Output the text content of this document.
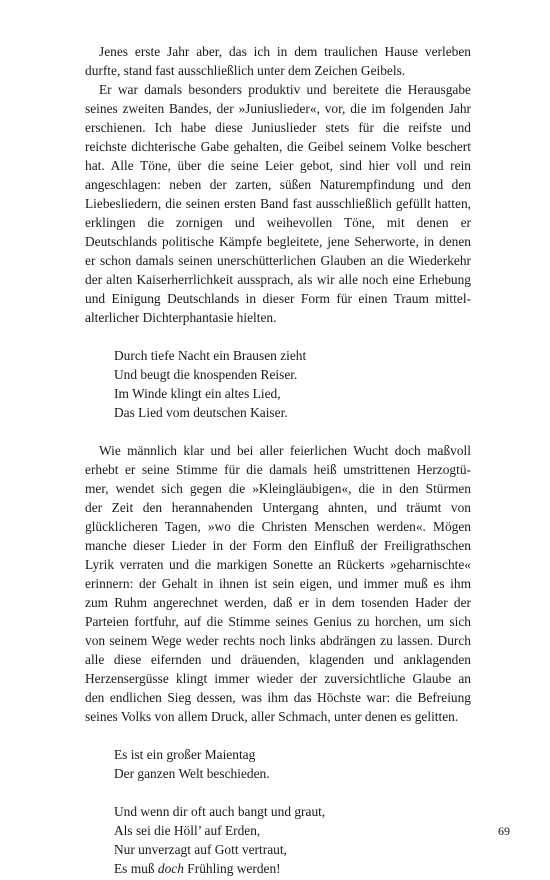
Jenes erste Jahr aber, das ich in dem traulichen Hause verleben
durfte, stand fast ausschließlich unter dem Zeichen Geibels.
Er war damals besonders produktiv und bereitete die Herausgabe
seines zweiten Bandes, der »Juniuslieder«, vor, die im folgenden Jahr
erschienen. Ich habe diese Juniuslieder stets für die reifste und
reichste dichterische Gabe gehalten, die Geibel seinem Volke beschert
hat. Alle Töne, über die seine Leier gebot, sind hier voll und rein
angeschlagen: neben der zarten, süßen Naturempfindung und den
Liebesliedern, die seinen ersten Band fast ausschließlich gefüllt hatten,
erklingen die zornigen und weihevollen Töne, mit denen er
Deutschlands politische Kämpfe begleitete, jene Seherworte, in denen
er schon damals seinen unerschütterlichen Glauben an die Wiederkehr
der alten Kaiserherrlichkeit aussprach, als wir alle noch eine Erhebung
und Einigung Deutschlands in dieser Form für einen Traum mittel-
alterlicher Dichterphantasie hielten.
Durch tiefe Nacht ein Brausen zieht
Und beugt die knospenden Reiser.
Im Winde klingt ein altes Lied,
Das Lied vom deutschen Kaiser.
Wie männlich klar und bei aller feierlichen Wucht doch maßvoll
erhebt er seine Stimme für die damals heiß umstrittenen Herzogtü-
mer, wendet sich gegen die »Kleingläubigen«, die in den Stürmen
der Zeit den herannahenden Untergang ahnten, und träumt von
glücklicheren Tagen, »wo die Christen Menschen werden«. Mögen
manche dieser Lieder in der Form den Einfluß der Freiligrathschen
Lyrik verraten und die markigen Sonette an Rückerts »geharnischte«
erinnern: der Gehalt in ihnen ist sein eigen, und immer muß es ihm
zum Ruhm angerechnet werden, daß er in dem tosenden Hader der
Parteien fortfuhr, auf die Stimme seines Genius zu horchen, um sich
von seinem Wege weder rechts noch links abdrängen zu lassen. Durch
alle diese eifernden und dräuenden, klagenden und anklagenden
Herzensergüsse klingt immer wieder der zuversichtliche Glaube an
den endlichen Sieg dessen, was ihm das Höchste war: die Befreiung
seines Volks von allem Druck, aller Schmach, unter denen es gelitten.
Es ist ein großer Maientag
Der ganzen Welt beschieden.
Und wenn dir oft auch bangt und graut,
Als sei die Höll’ auf Erden,
Nur unverzagt auf Gott vertraut,
Es muß doch Frühling werden!
69
